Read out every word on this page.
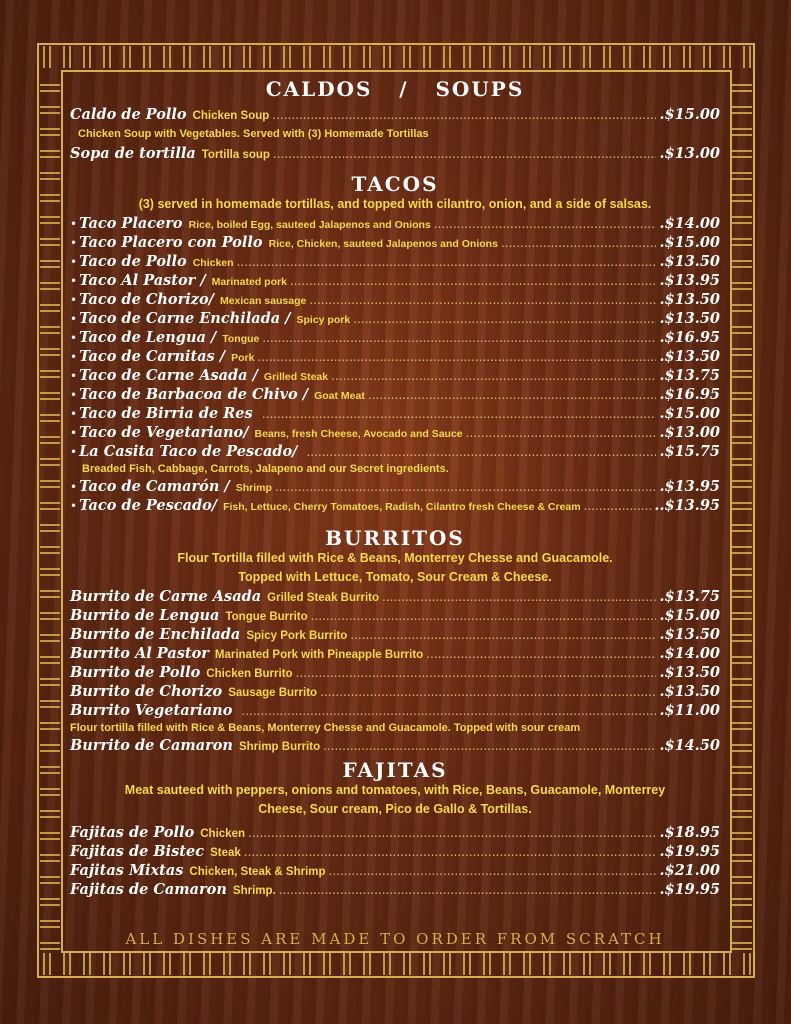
CALDOS   /   SOUPS
Caldo de Pollo Chicken Soup .....	.$15.00
Chicken Soup with Vegetables. Served with (3) Homemade Tortillas
Sopa de tortilla Tortilla soup .....	.$13.00
TACOS
(3) served in homemade tortillas, and topped with cilantro, onion, and a side of salsas.
• Taco Placero Rice, boiled Egg, sauteed Jalapenos and Onions .....	.$14.00
• Taco Placero con Pollo Rice, Chicken, sauteed Jalapenos and Onions .....	.$15.00
• Taco de Pollo Chicken .....	.$13.50
• Taco Al Pastor / Marinated pork .....	.$13.95
• Taco de Chorizo/ Mexican sausage .....	.$13.50
• Taco de Carne Enchilada / Spicy pork .....	.$13.50
• Taco de Lengua / Tongue .....	.$16.95
• Taco de Carnitas / Pork .....	.$13.50
• Taco de Carne Asada / Grilled Steak .....	.$13.75
• Taco de Barbacoa de Chivo / Goat Meat .....	.$16.95
• Taco de Birria de Res .....	.$15.00
• Taco de Vegetariano/ Beans, fresh Cheese, Avocado and Sauce .....	.$13.00
• La Casita Taco de Pescado/ .....	.$15.75
Breaded Fish, Cabbage, Carrots, Jalapeno and our Secret ingredients.
• Taco de Camarón / Shrimp .....	.$13.95
• Taco de Pescado/ Fish, Lettuce, Cherry Tomatoes, Radish, Cilantro fresh Cheese & Cream .....	..$13.95
BURRITOS
Flour Tortilla filled with Rice & Beans, Monterrey Chesse and Guacamole.
Topped with Lettuce, Tomato, Sour Cream & Cheese.
Burrito de Carne Asada Grilled Steak Burrito .....	.$13.75
Burrito de Lengua Tongue Burrito .....	.$15.00
Burrito de Enchilada Spicy Pork Burrito .....	.$13.50
Burrito Al Pastor Marinated Pork with Pineapple Burrito .....	.$14.00
Burrito de Pollo Chicken Burrito .....	.$13.50
Burrito de Chorizo Sausage Burrito .....	.$13.50
Burrito Vegetariano .....	.$11.00
Flour tortilla filled with Rice & Beans, Monterrey Chesse and Guacamole. Topped with sour cream
Burrito de Camaron Shrimp Burrito .....	.$14.50
FAJITAS
Meat sauteed with peppers, onions and tomatoes, with Rice, Beans, Guacamole, Monterrey
Cheese, Sour cream, Pico de Gallo & Tortillas.
Fajitas de Pollo Chicken .....	.$18.95
Fajitas de Bistec Steak .....	.$19.95
Fajitas Mixtas Chicken, Steak & Shrimp .....	.$21.00
Fajitas de Camaron Shrimp. .....	.$19.95
ALL DISHES ARE MADE TO ORDER FROM SCRATCH
